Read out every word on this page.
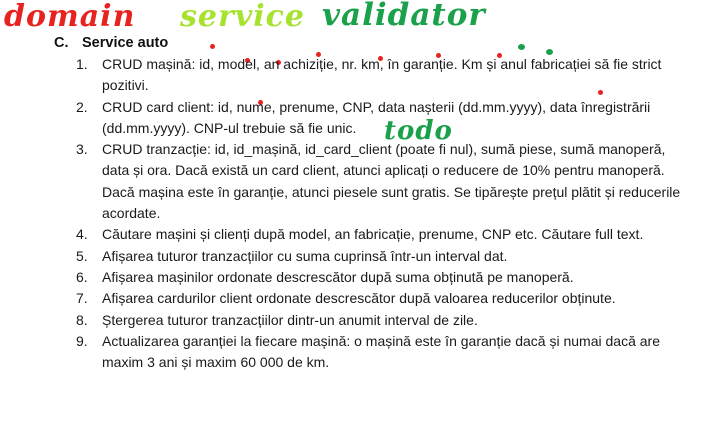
domain service validator
todo
C. Service auto
1.	CRUD mașină: id, model, an achiziție, nr. km, în garanție. Km și anul fabricației să fie strict pozitivi.
2.	CRUD card client: id, nume, prenume, CNP, data nașterii (dd.mm.yyyy), data înregistrării (dd.mm.yyyy). CNP-ul trebuie să fie unic.
3.	CRUD tranzacție: id, id_mașină, id_card_client (poate fi nul), sumă piese, sumă manoperă, data și ora. Dacă există un card client, atunci aplicați o reducere de 10% pentru manoperă. Dacă mașina este în garanție, atunci piesele sunt gratis. Se tipărește prețul plătit și reducerile acordate.
4.	Căutare mașini și clienți după model, an fabricație, prenume, CNP etc. Căutare full text.
5.	Afișarea tuturor tranzacțiilor cu suma cuprinsă într-un interval dat.
6.	Afișarea mașinilor ordonate descrescător după suma obținută pe manoperă.
7.	Afișarea cardurilor client ordonate descrescător după valoarea reducerilor obținute.
8.	Ștergerea tuturor tranzacțiilor dintr-un anumit interval de zile.
9.	Actualizarea garanției la fiecare mașină: o mașină este în garanție dacă și numai dacă are maxim 3 ani și maxim 60 000 de km.
